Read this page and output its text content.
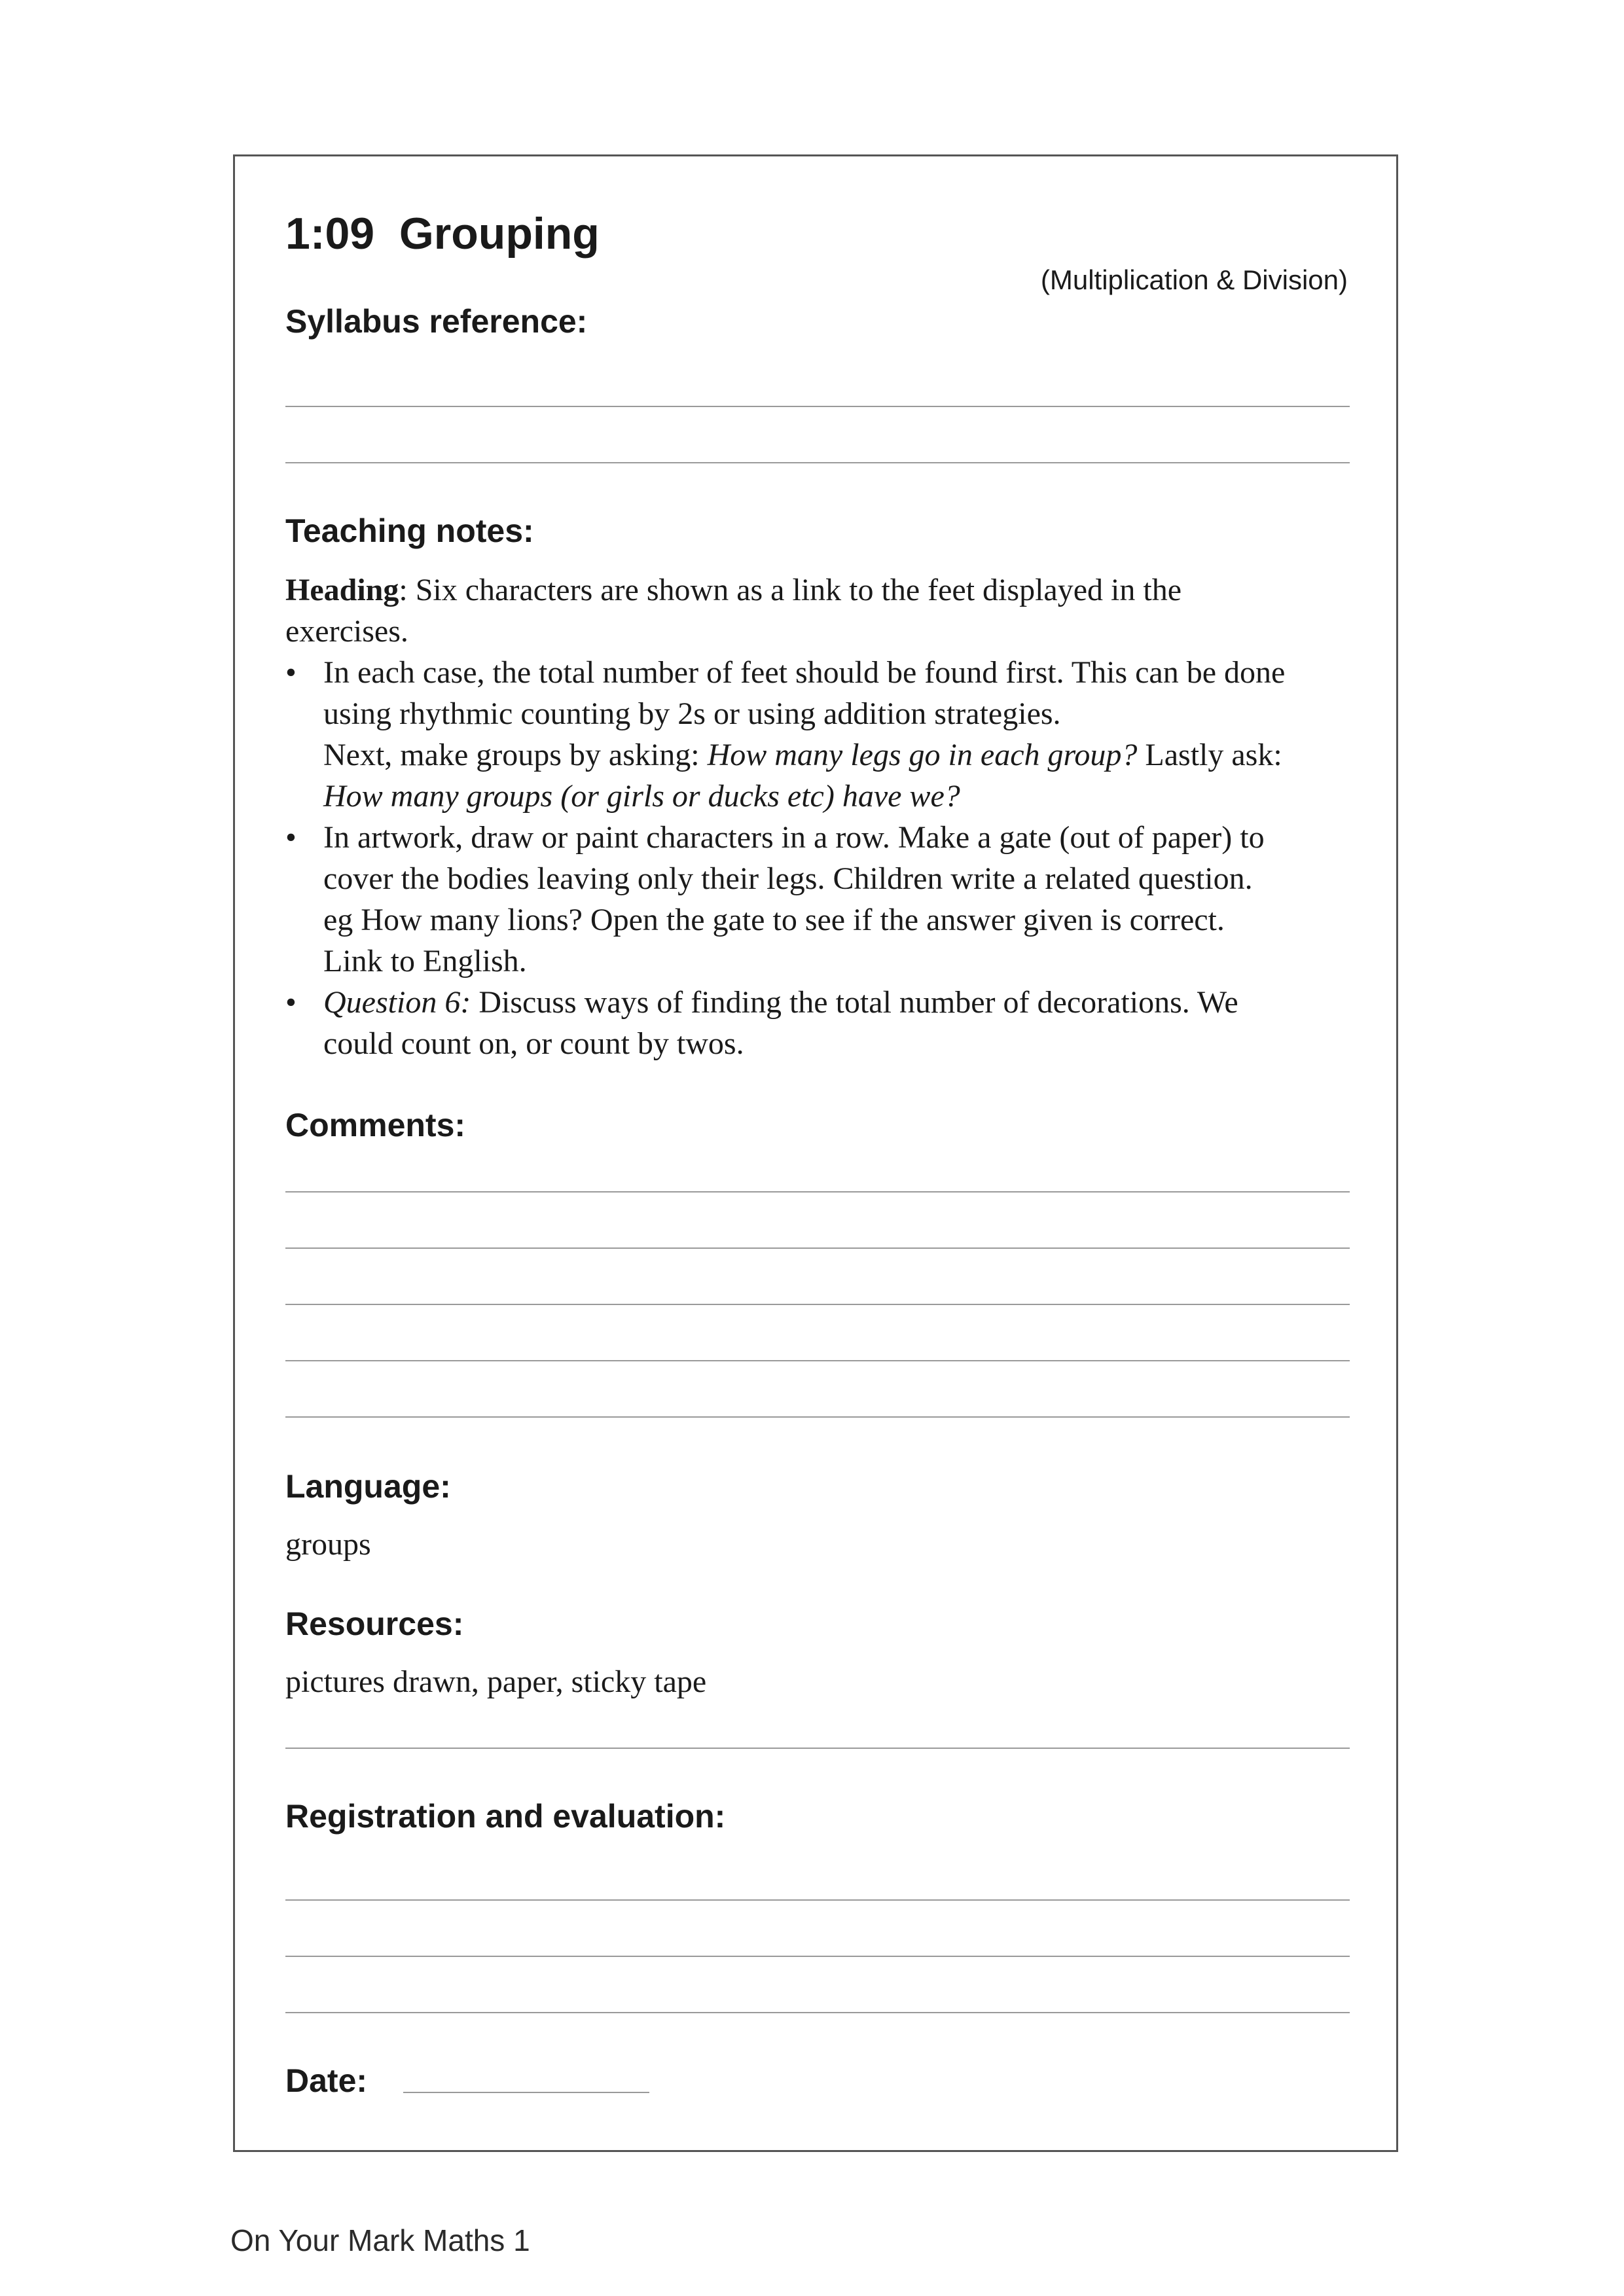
1:09  Grouping
(Multiplication & Division)
Syllabus reference:
Teaching notes:

Heading: Six characters are shown as a link to the feet displayed in the
exercises.

• In each case, the total number of feet should be found first. This can be done
using rhythmic counting by 2s or using addition strategies.
Next, make groups by asking: How many legs go in each group? Lastly ask:
How many groups (or girls or ducks etc) have we?
• In artwork, draw or paint characters in a row. Make a gate (out of paper) to
cover the bodies leaving only their legs. Children write a related question.
eg How many lions? Open the gate to see if the answer given is correct.
Link to English.
• Question 6: Discuss ways of finding the total number of decorations. We
could count on, or count by twos.
Comments:
Language:
groups
Resources:
pictures drawn, paper, sticky tape
Registration and evaluation:
Date:
On Your Mark Maths 1
